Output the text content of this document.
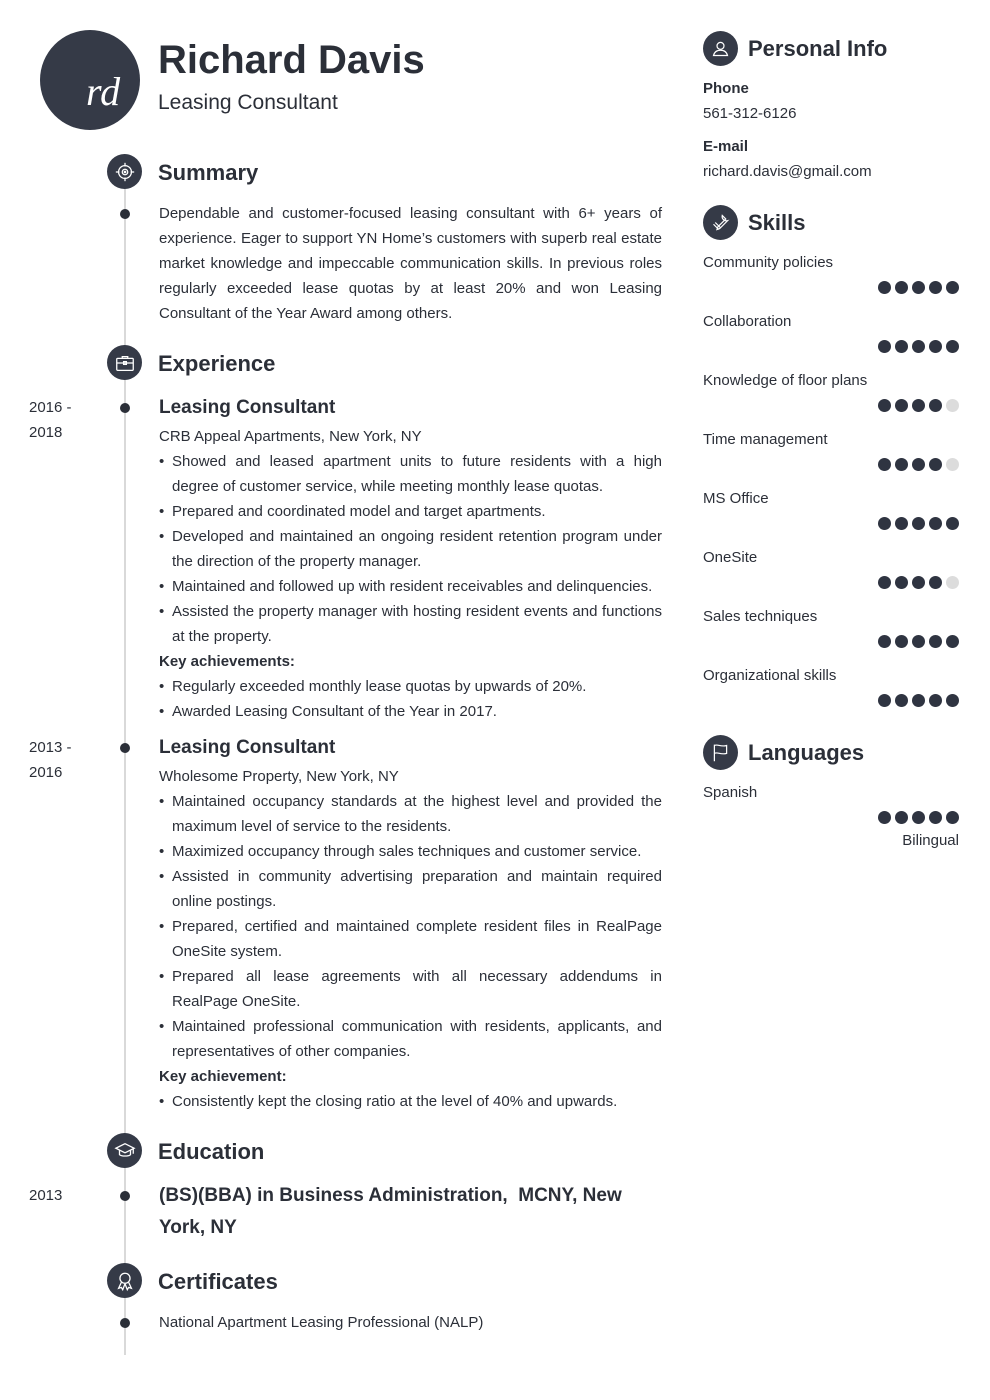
rd
Richard Davis
Leasing Consultant
Summary
Dependable and customer-focused leasing consultant with 6+ years of experience. Eager to support YN Home’s customers with superb real estate market knowledge and impeccable communication skills. In previous roles regularly exceeded lease quotas by at least 20% and won Leasing Consultant of the Year Award among others.
Experience
2016 -
2018
Leasing Consultant
CRB Appeal Apartments, New York, NY
• Showed and leased apartment units to future residents with a high degree of customer service, while meeting monthly lease quotas.
• Prepared and coordinated model and target apartments.
• Developed and maintained an ongoing resident retention program under the direction of the property manager.
• Maintained and followed up with resident receivables and delinquencies.
• Assisted the property manager with hosting resident events and functions at the property.
Key achievements:
• Regularly exceeded monthly lease quotas by upwards of 20%.
• Awarded Leasing Consultant of the Year in 2017.
2013 -
2016
Leasing Consultant
Wholesome Property, New York, NY
• Maintained occupancy standards at the highest level and provided the maximum level of service to the residents.
• Maximized occupancy through sales techniques and customer service.
• Assisted in community advertising preparation and maintain required online postings.
• Prepared, certified and maintained complete resident files in RealPage OneSite system.
• Prepared all lease agreements with all necessary addendums in RealPage OneSite.
• Maintained professional communication with residents, applicants, and representatives of other companies.
Key achievement:
• Consistently kept the closing ratio at the level of 40% and upwards.
Education
2013	(BS)(BBA) in Business Administration,  MCNY, New York, NY
Certificates
National Apartment Leasing Professional (NALP)
Personal Info
Phone
561-312-6126
E-mail
richard.davis@gmail.com
Skills
Community policies
Collaboration
Knowledge of floor plans
Time management
MS Office
OneSite
Sales techniques
Organizational skills
Languages
Spanish
Bilingual
